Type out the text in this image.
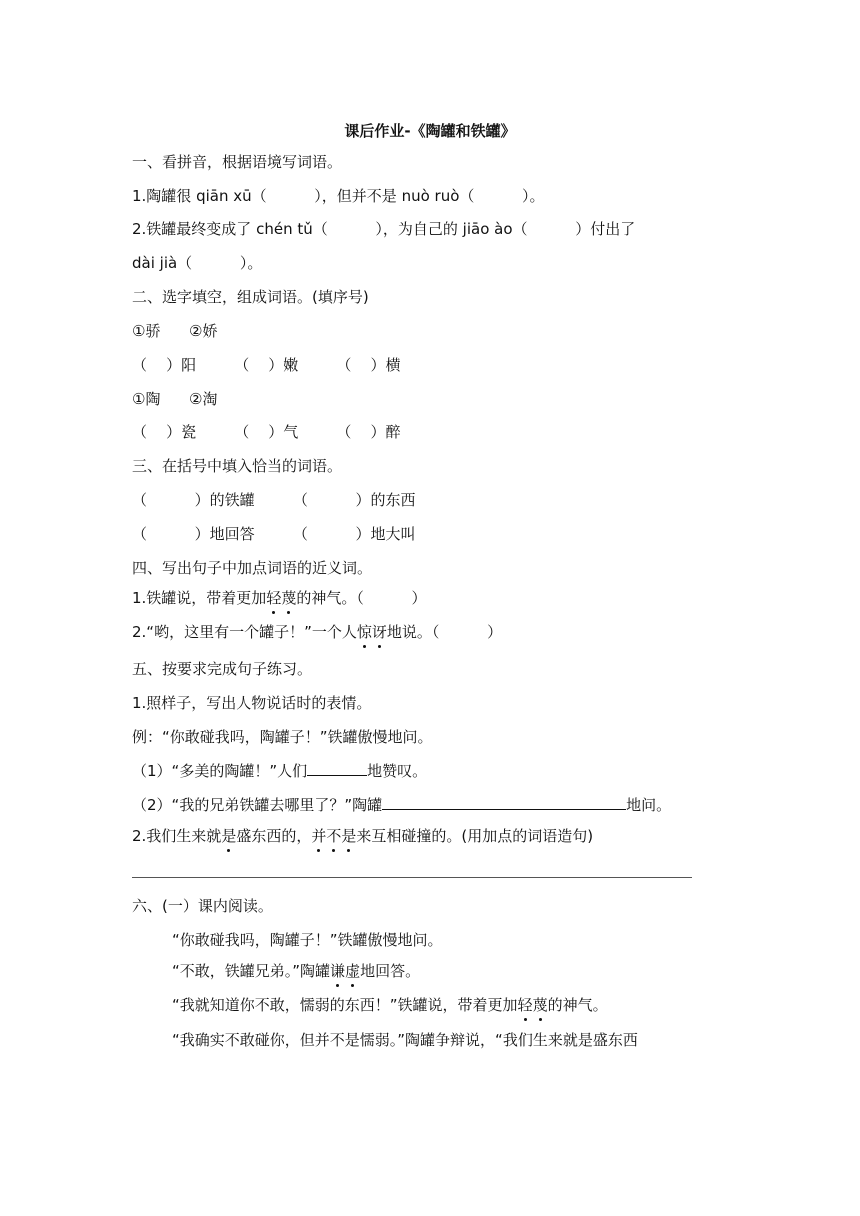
课后作业-《陶罐和铁罐》
一、看拼音，根据语境写词语。
1.陶罐很 qiān xū（          ），但并不是 nuò ruò（          ）。
2.铁罐最终变成了 chén tǔ（          ），为自己的 jiāo ào（          ）付出了
dài jià（          ）。
二、选字填空，组成词语。(填序号)
①骄      ②娇
（    ）阳        （    ）嫩        （    ）横
①陶      ②淘
（    ）瓷        （    ）气        （    ）醉
三、在括号中填入恰当的词语。
（          ）的铁罐        （          ）的东西
（          ）地回答        （          ）地大叫
四、写出句子中加点词语的近义词。
1.铁罐说，带着更加轻蔑的神气。（          ）
2.“哟，这里有一个罐子！”一个人惊讶地说。（          ）
五、按要求完成句子练习。
1.照样子，写出人物说话时的表情。
例：“你敢碰我吗，陶罐子！”铁罐傲慢地问。
（1）“多美的陶罐！”人们	地赞叹。
（2）“我的兄弟铁罐去哪里了？”陶罐	地问。
2.我们生来就是盛东西的，并不是来互相碰撞的。(用加点的词语造句)
六、(一）课内阅读。
“你敢碰我吗，陶罐子！”铁罐傲慢地问。
“不敢，铁罐兄弟。”陶罐谦虚地回答。
“我就知道你不敢，懦弱的东西！”铁罐说，带着更加轻蔑的神气。
“我确实不敢碰你，但并不是懦弱。”陶罐争辩说，“我们生来就是盛东西
